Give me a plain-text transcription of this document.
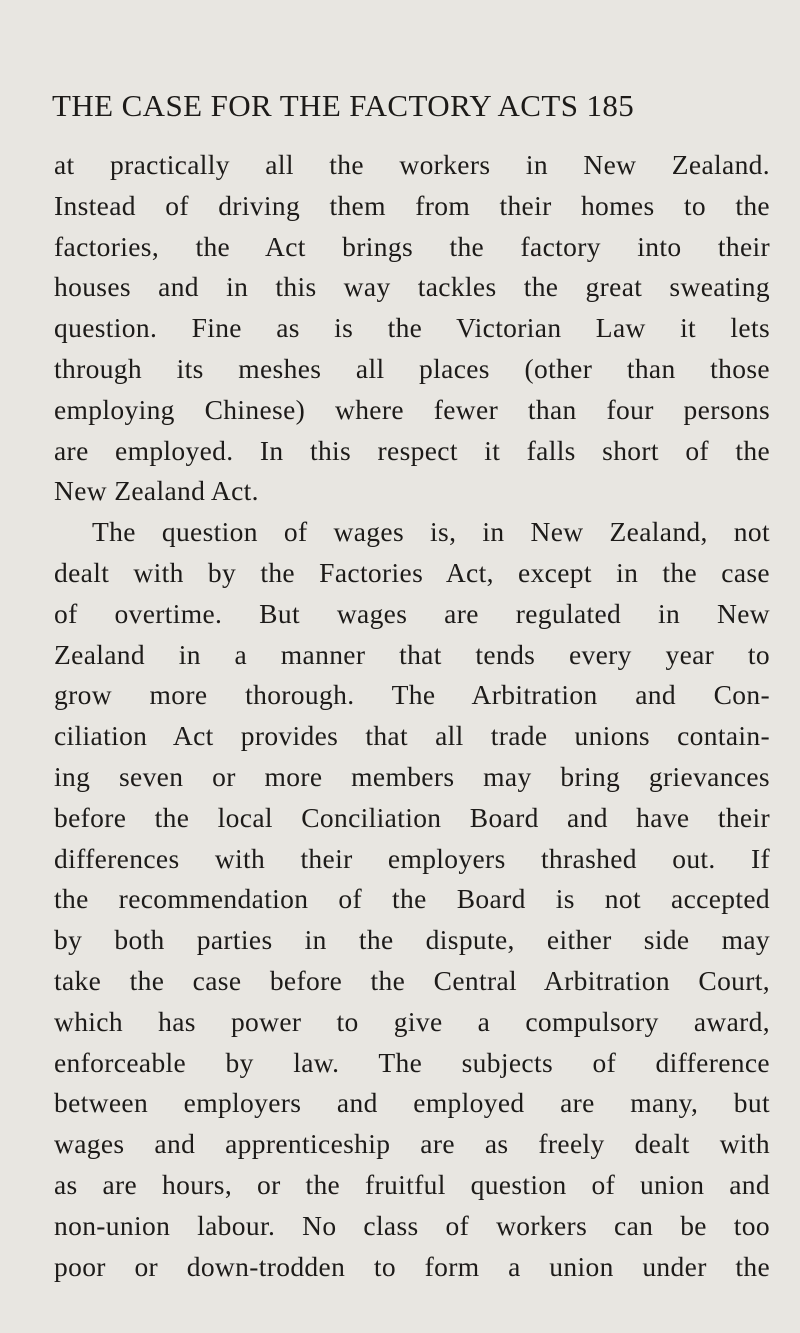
THE CASE FOR THE FACTORY ACTS 185
at practically all the workers in New Zealand.
Instead of driving them from their homes to the
factories, the Act brings the factory into their
houses and in this way tackles the great sweating
question. Fine as is the Victorian Law it lets
through its meshes all places (other than those
employing Chinese) where fewer than four persons
are employed. In this respect it falls short of the
New Zealand Act.
The question of wages is, in New Zealand, not
dealt with by the Factories Act, except in the case
of overtime. But wages are regulated in New
Zealand in a manner that tends every year to
grow more thorough. The Arbitration and Con-
ciliation Act provides that all trade unions contain-
ing seven or more members may bring grievances
before the local Conciliation Board and have their
differences with their employers thrashed out. If
the recommendation of the Board is not accepted
by both parties in the dispute, either side may
take the case before the Central Arbitration Court,
which has power to give a compulsory award,
enforceable by law. The subjects of difference
between employers and employed are many, but
wages and apprenticeship are as freely dealt with
as are hours, or the fruitful question of union and
non-union labour. No class of workers can be too
poor or down-trodden to form a union under the
